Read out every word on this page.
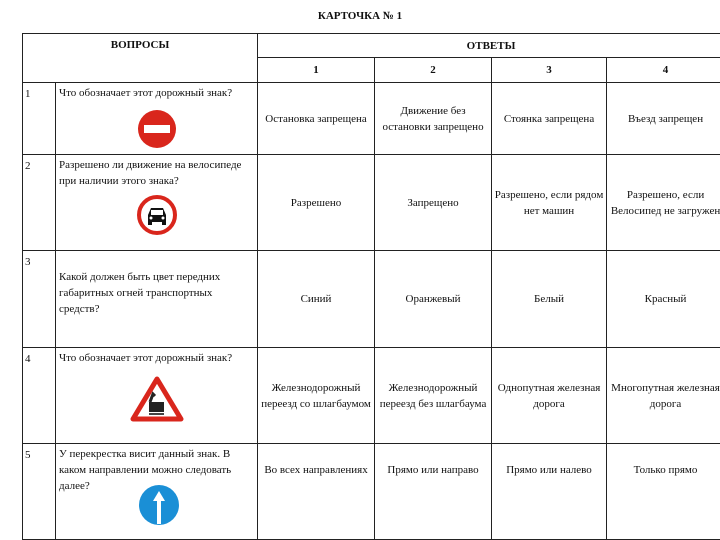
КАРТОЧКА № 1
ВОПРОСЫ		ОТВЕТЫ			
		1	2	3	4
1	Что обозначает этот дорожный знак?	Остановка запрещена	Движение без остановки запрещено	Стоянка запрещена	Въезд запрещен
2	Разрешено ли движение на велосипеде при наличии этого знака?	Разрешено	Запрещено	Разрешено, если рядом нет машин	Разрешено, если Велосипед не загружен
3	Какой должен быть цвет передних габаритных огней транспортных средств?	Синий	Оранжевый	Белый	Красный
4	Что обозначает этот дорожный знак?	Железнодорожный переезд со шлагбаумом	Железнодорожный переезд без шлагбаума	Однопутная железная дорога	Многопутная железная дорога
5	У перекрестка висит данный знак. В каком направлении можно следовать далее?	Во всех направлениях	Прямо или направо	Прямо или налево	Только прямо
